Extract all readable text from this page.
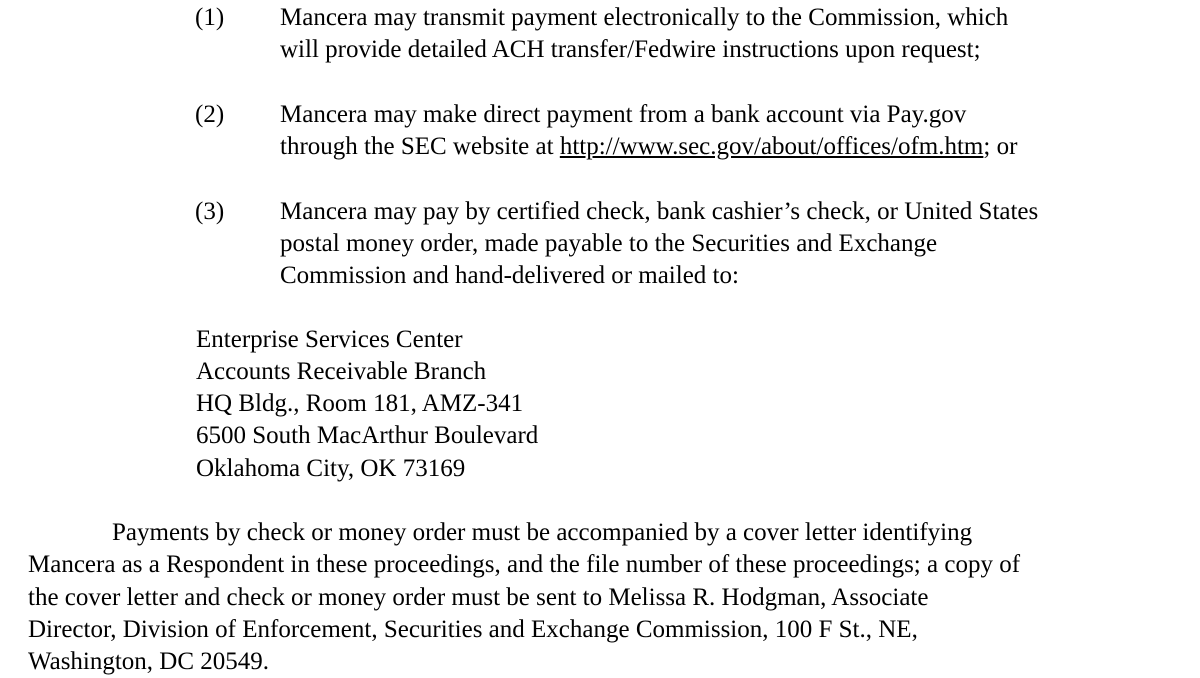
(1) Mancera may transmit payment electronically to the Commission, which

will provide detailed ACH transfer/Fedwire instructions upon request;

(2) Mancera may make direct payment from a bank account via Pay.gov

through the SEC website at http://www.sec.gov/about/offices/ofm.htm; or

(3) Mancera may pay by certified check, bank cashier’s check, or United States

postal money order, made payable to the Securities and Exchange

Commission and hand-delivered or mailed to:

Enterprise Services Center

Accounts Receivable Branch

HQ Bldg., Room 181, AMZ-341

6500 South MacArthur Boulevard

Oklahoma City, OK 73169

Payments by check or money order must be accompanied by a cover letter identifying

Mancera as a Respondent in these proceedings, and the file number of these proceedings; a copy of

the cover letter and check or money order must be sent to Melissa R. Hodgman, Associate

Director, Division of Enforcement, Securities and Exchange Commission, 100 F St., NE,

Washington, DC 20549.
